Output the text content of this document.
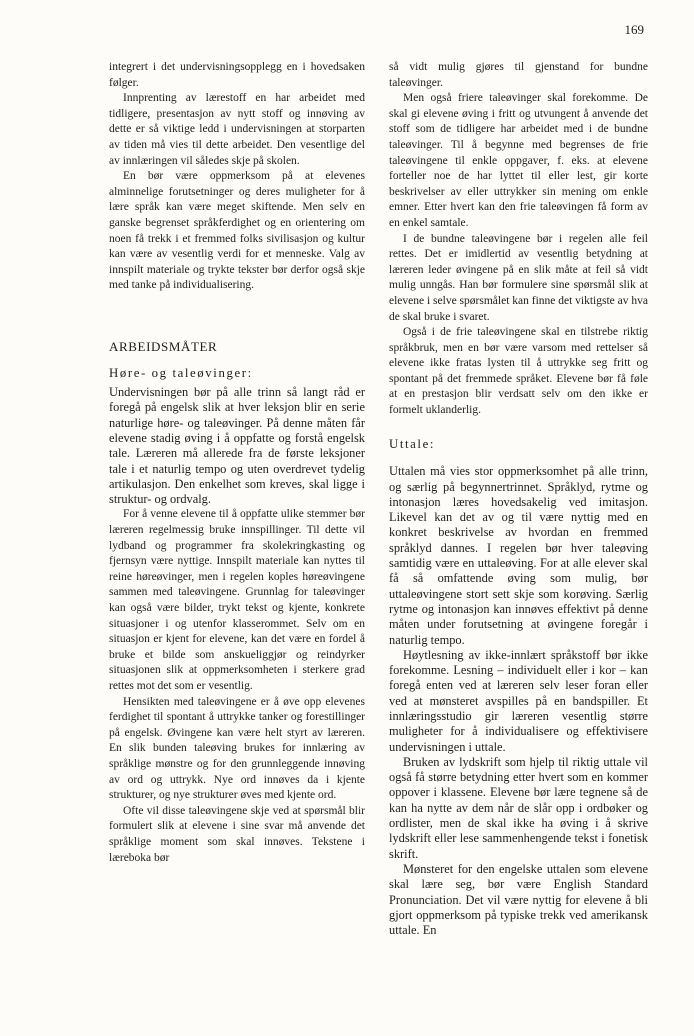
169

integrert i det undervisningsopplegg en i hovedsaken følger.

Innprenting av lærestoff en har arbeidet med tidligere, presentasjon av nytt stoff og innøving av dette er så viktige ledd i undervisningen at storparten av tiden må vies til dette arbeidet. Den vesentlige del av innlæringen vil således skje på skolen.

En bør være oppmerksom på at elevenes alminnelige forutsetninger og deres muligheter for å lære språk kan være meget skiftende. Men selv en ganske begrenset språkferdighet og en orientering om noen få trekk i et fremmed folks sivilisasjon og kultur kan være av vesentlig verdi for et menneske. Valg av innspilt materiale og trykte tekster bør derfor også skje med tanke på individualisering.

ARBEIDSMÅTER
Høre- og taleøvinger:

Undervisningen bør på alle trinn så langt råd er foregå på engelsk slik at hver leksjon blir en serie naturlige høre- og taleøvinger. På denne måten får elevene stadig øving i å oppfatte og forstå engelsk tale. Læreren må allerede fra de første leksjoner tale i et naturlig tempo og uten overdrevet tydelig artikulasjon. Den enkelhet som kreves, skal ligge i struktur- og ordvalg.

For å venne elevene til å oppfatte ulike stemmer bør læreren regelmessig bruke innspillinger. Til dette vil lydband og programmer fra skolekringkasting og fjernsyn være nyttige. Innspilt materiale kan nyttes til reine høreøvinger, men i regelen koples høreøvingene sammen med taleøvingene. Grunnlag for taleøvinger kan også være bilder, trykt tekst og kjente, konkrete situasjoner i og utenfor klasserommet. Selv om en situasjon er kjent for elevene, kan det være en fordel å bruke et bilde som anskueliggjør og reindyrker situasjonen slik at oppmerksomheten i sterkere grad rettes mot det som er vesentlig.

Hensikten med taleøvingene er å øve opp elevenes ferdighet til spontant å uttrykke tanker og forestillinger på engelsk. Øvingene kan være helt styrt av læreren. En slik bunden taleøving brukes for innlæring av språklige mønstre og for den grunnleggende innøving av ord og uttrykk. Nye ord innøves da i kjente strukturer, og nye strukturer øves med kjente ord.

Ofte vil disse taleøvingene skje ved at spørsmål blir formulert slik at elevene i sine svar må anvende det språklige moment som skal innøves. Tekstene i læreboka bør

så vidt mulig gjøres til gjenstand for bundne taleøvinger.

Men også friere taleøvinger skal forekomme. De skal gi elevene øving i fritt og utvungent å anvende det stoff som de tidligere har arbeidet med i de bundne taleøvinger. Til å begynne med begrenses de frie taleøvingene til enkle oppgaver, f. eks. at elevene forteller noe de har lyttet til eller lest, gir korte beskrivelser av eller uttrykker sin mening om enkle emner. Etter hvert kan den frie taleøvingen få form av en enkel samtale.

I de bundne taleøvingene bør i regelen alle feil rettes. Det er imidlertid av vesentlig betydning at læreren leder øvingene på en slik måte at feil så vidt mulig unngås. Han bør formulere sine spørsmål slik at elevene i selve spørsmålet kan finne det viktigste av hva de skal bruke i svaret.

Også i de frie taleøvingene skal en tilstrebe riktig språkbruk, men en bør være varsom med rettelser så elevene ikke fratas lysten til å uttrykke seg fritt og spontant på det fremmede språket. Elevene bør få føle at en prestasjon blir verdsatt selv om den ikke er formelt uklanderlig.

Uttale:

Uttalen må vies stor oppmerksomhet på alle trinn, og særlig på begynnertrinnet. Språklyd, rytme og intonasjon læres hovedsakelig ved imitasjon. Likevel kan det av og til være nyttig med en konkret beskrivelse av hvordan en fremmed språklyd dannes. I regelen bør hver taleøving samtidig være en uttaleøving. For at alle elever skal få så omfattende øving som mulig, bør uttaleøvingene stort sett skje som korøving. Særlig rytme og intonasjon kan innøves effektivt på denne måten under forutsetning at øvingene foregår i naturlig tempo.

Høytlesning av ikke-innlært språkstoff bør ikke forekomme. Lesning – individuelt eller i kor – kan foregå enten ved at læreren selv leser foran eller ved at mønsteret avspilles på en bandspiller. Et innlæringsstudio gir læreren vesentlig større muligheter for å individualisere og effektivisere undervisningen i uttale.

Bruken av lydskrift som hjelp til riktig uttale vil også få større betydning etter hvert som en kommer oppover i klassene. Elevene bør lære tegnene så de kan ha nytte av dem når de slår opp i ordbøker og ordlister, men de skal ikke ha øving i å skrive lydskrift eller lese sammenhengende tekst i fonetisk skrift.

Mønsteret for den engelske uttalen som elevene skal lære seg, bør være English Standard Pronunciation. Det vil være nyttig for elevene å bli gjort oppmerksom på typiske trekk ved amerikansk uttale. En
